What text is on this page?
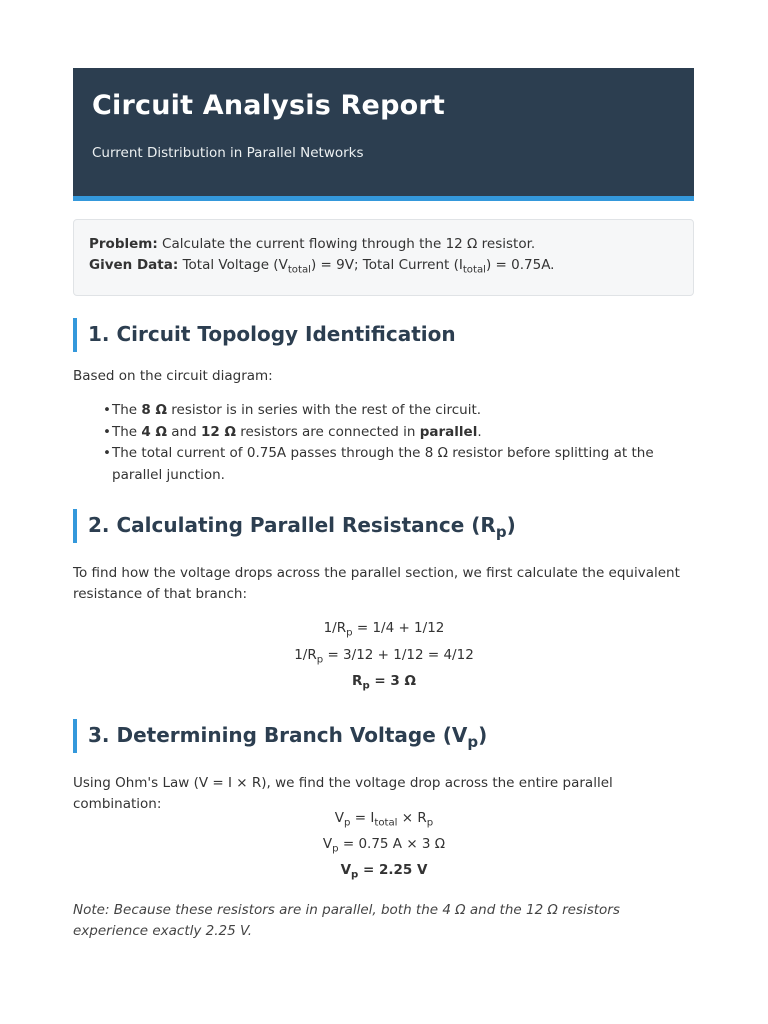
Circuit Analysis Report
Current Distribution in Parallel Networks
Problem: Calculate the current flowing through the 12 Ω resistor.
Given Data: Total Voltage $(V_{total}) = 9V$; Total Current $(I_{total}) = 0.75A$.
1. Circuit Topology Identification
Based on the circuit diagram:
• The 8 Ω resistor is in series with the rest of the circuit.
• The 4 Ω and 12 Ω resistors are connected in parallel.
• The total current of 0.75A passes through the 8 Ω resistor before splitting at the parallel junction.
2. Calculating Parallel Resistance $(R_p)$
To find how the voltage drops across the parallel section, we first calculate the equivalent resistance of that branch:
$1/R_p = 1/4 + 1/12$
$1/R_p = 3/12 + 1/12 = 4/12$
$R_p = 3$ Ω
3. Determining Branch Voltage $(V_p)$
Using Ohm's Law (V = I × R), we find the voltage drop across the entire parallel combination:
$V_p = I_{total} \times R_p$
$V_p = 0.75$ A × 3 Ω
$V_p = 2.25$ V
Note: Because these resistors are in parallel, both the 4 Ω and the 12 Ω resistors experience exactly 2.25 V.
